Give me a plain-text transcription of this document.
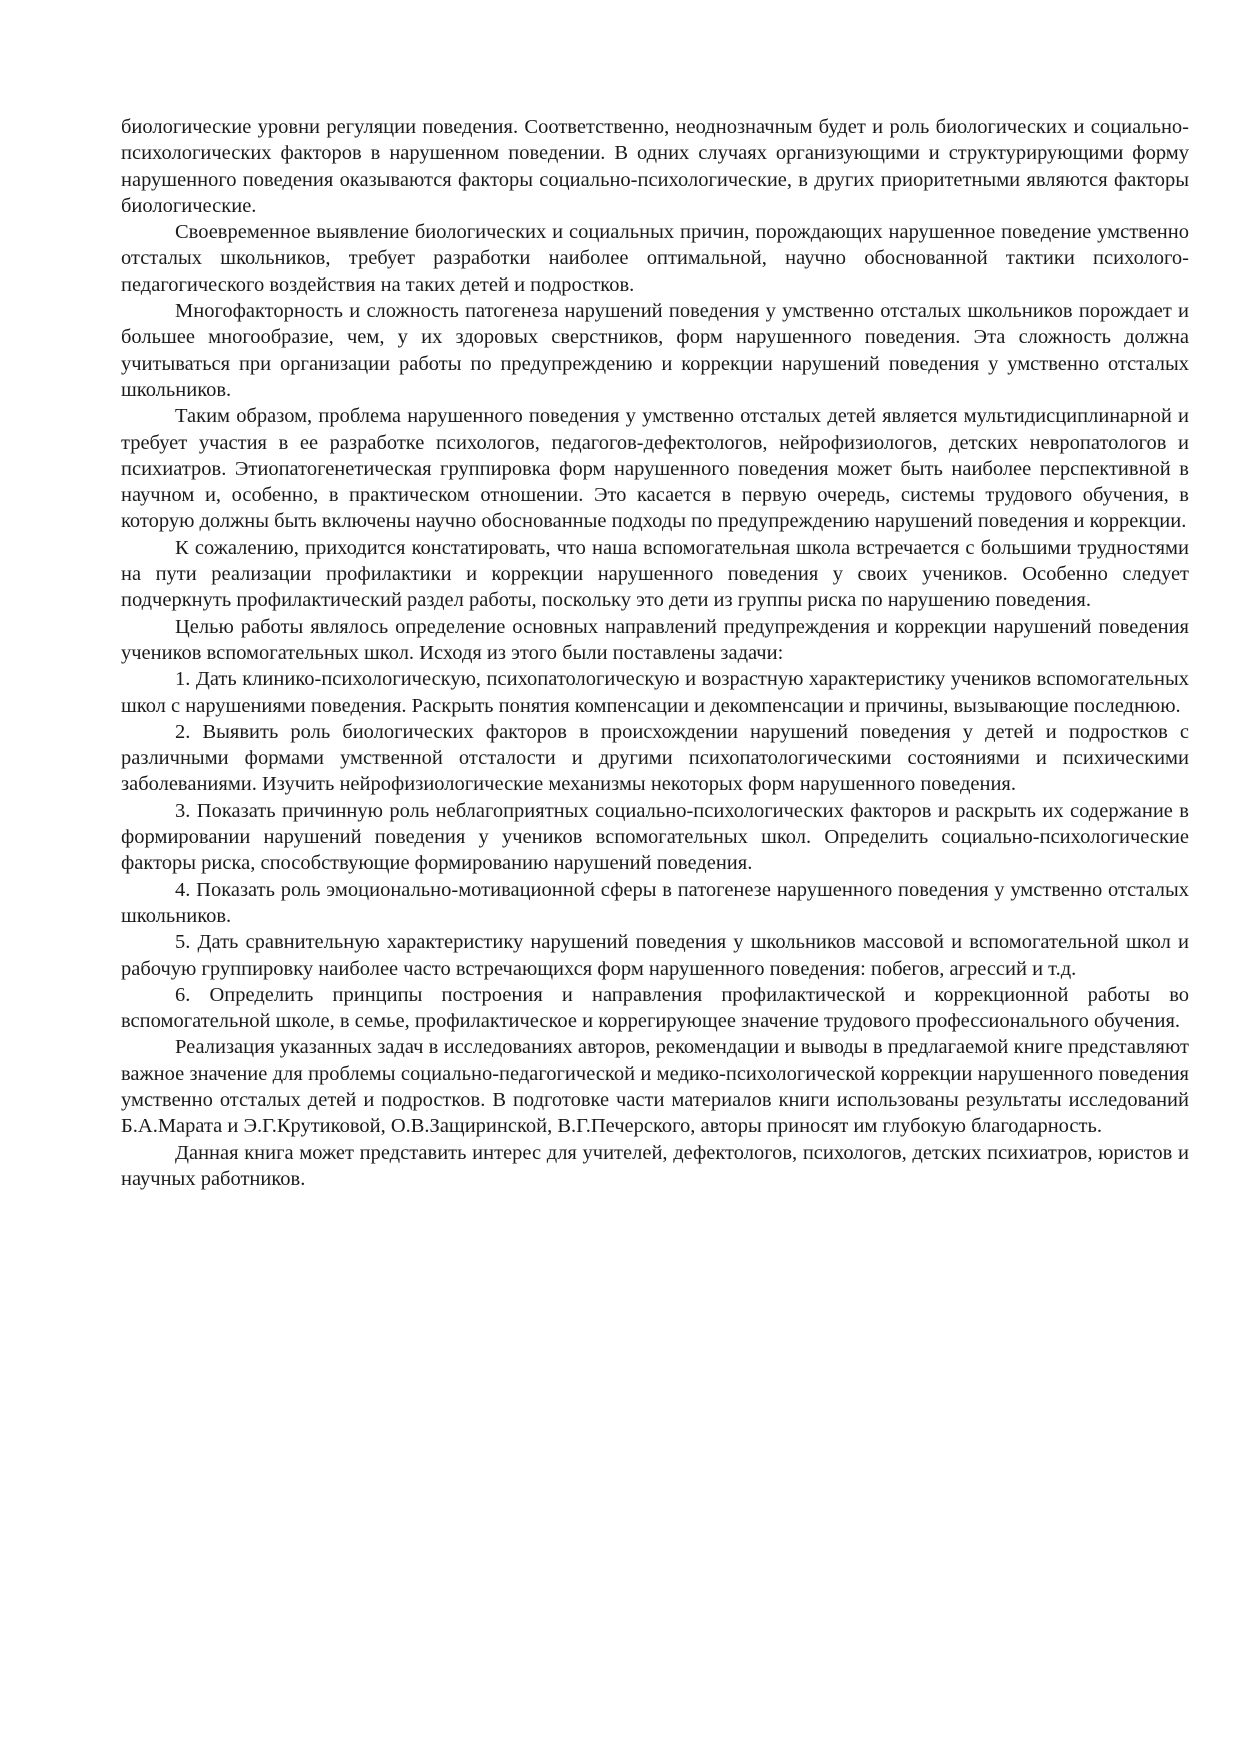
биологические уровни регуляции поведения. Соответственно, неоднозначным будет и роль биологических и социально-психологических факторов в нарушенном поведении. В одних случаях организующими и структурирующими форму нарушенного поведения оказываются факторы социально-психологические, в других приоритетными являются факторы биологические.

Своевременное выявление биологических и социальных причин, порождающих нарушенное поведение умственно отсталых школьников, требует разработки наиболее оптимальной, научно обоснованной тактики психолого-педагогического воздействия на таких детей и подростков.

Многофакторность и сложность патогенеза нарушений поведения у умственно отсталых школьников порождает и большее многообразие, чем, у их здоровых сверстников, форм нарушенного поведения. Эта сложность должна учитываться при организации работы по предупреждению и коррекции нарушений поведения у умственно отсталых школьников.

Таким образом, проблема нарушенного поведения у умственно отсталых детей является мультидисциплинарной и требует участия в ее разработке психологов, педагогов-дефектологов, нейрофизиологов, детских невропатологов и психиатров. Этиопатогенетическая группировка форм нарушенного поведения может быть наиболее перспективной в научном и, особенно, в практическом отношении. Это касается в первую очередь, системы трудового обучения, в которую должны быть включены научно обоснованные подходы по предупреждению нарушений поведения и коррекции.

К сожалению, приходится констатировать, что наша вспомогательная школа встречается с большими трудностями на пути реализации профилактики и коррекции нарушенного поведения у своих учеников. Особенно следует подчеркнуть профилактический раздел работы, поскольку это дети из группы риска по нарушению поведения.

Целью работы являлось определение основных направлений предупреждения и коррекции нарушений поведения учеников вспомогательных школ. Исходя из этого были поставлены задачи:

1. Дать клинико-психологическую, психопатологическую и возрастную характеристику учеников вспомогательных школ с нарушениями поведения. Раскрыть понятия компенсации и декомпенсации и причины, вызывающие последнюю.

2. Выявить роль биологических факторов в происхождении нарушений поведения у детей и подростков с различными формами умственной отсталости и другими психопатологическими состояниями и психическими заболеваниями. Изучить нейрофизиологические механизмы некоторых форм нарушенного поведения.

3. Показать причинную роль неблагоприятных социально-психологических факторов и раскрыть их содержание в формировании нарушений поведения у учеников вспомогательных школ. Определить социально-психологические факторы риска, способствующие формированию нарушений поведения.

4. Показать роль эмоционально-мотивационной сферы в патогенезе нарушенного поведения у умственно отсталых школьников.

5. Дать сравнительную характеристику нарушений поведения у школьников массовой и вспомогательной школ и рабочую группировку наиболее часто встречающихся форм нарушенного поведения: побегов, агрессий и т.д.

6. Определить принципы построения и направления профилактической и коррекционной работы во вспомогательной школе, в семье, профилактическое и коррегирующее значение трудового профессионального обучения.

Реализация указанных задач в исследованиях авторов, рекомендации и выводы в предлагаемой книге представляют важное значение для проблемы социально-педагогической и медико-психологической коррекции нарушенного поведения умственно отсталых детей и подростков. В подготовке части материалов книги использованы результаты исследований Б.А.Марата и Э.Г.Крутиковой, О.В.Защиринской, В.Г.Печерского, авторы приносят им глубокую благодарность.

Данная книга может представить интерес для учителей, дефектологов, психологов, детских психиатров, юристов и научных работников.
